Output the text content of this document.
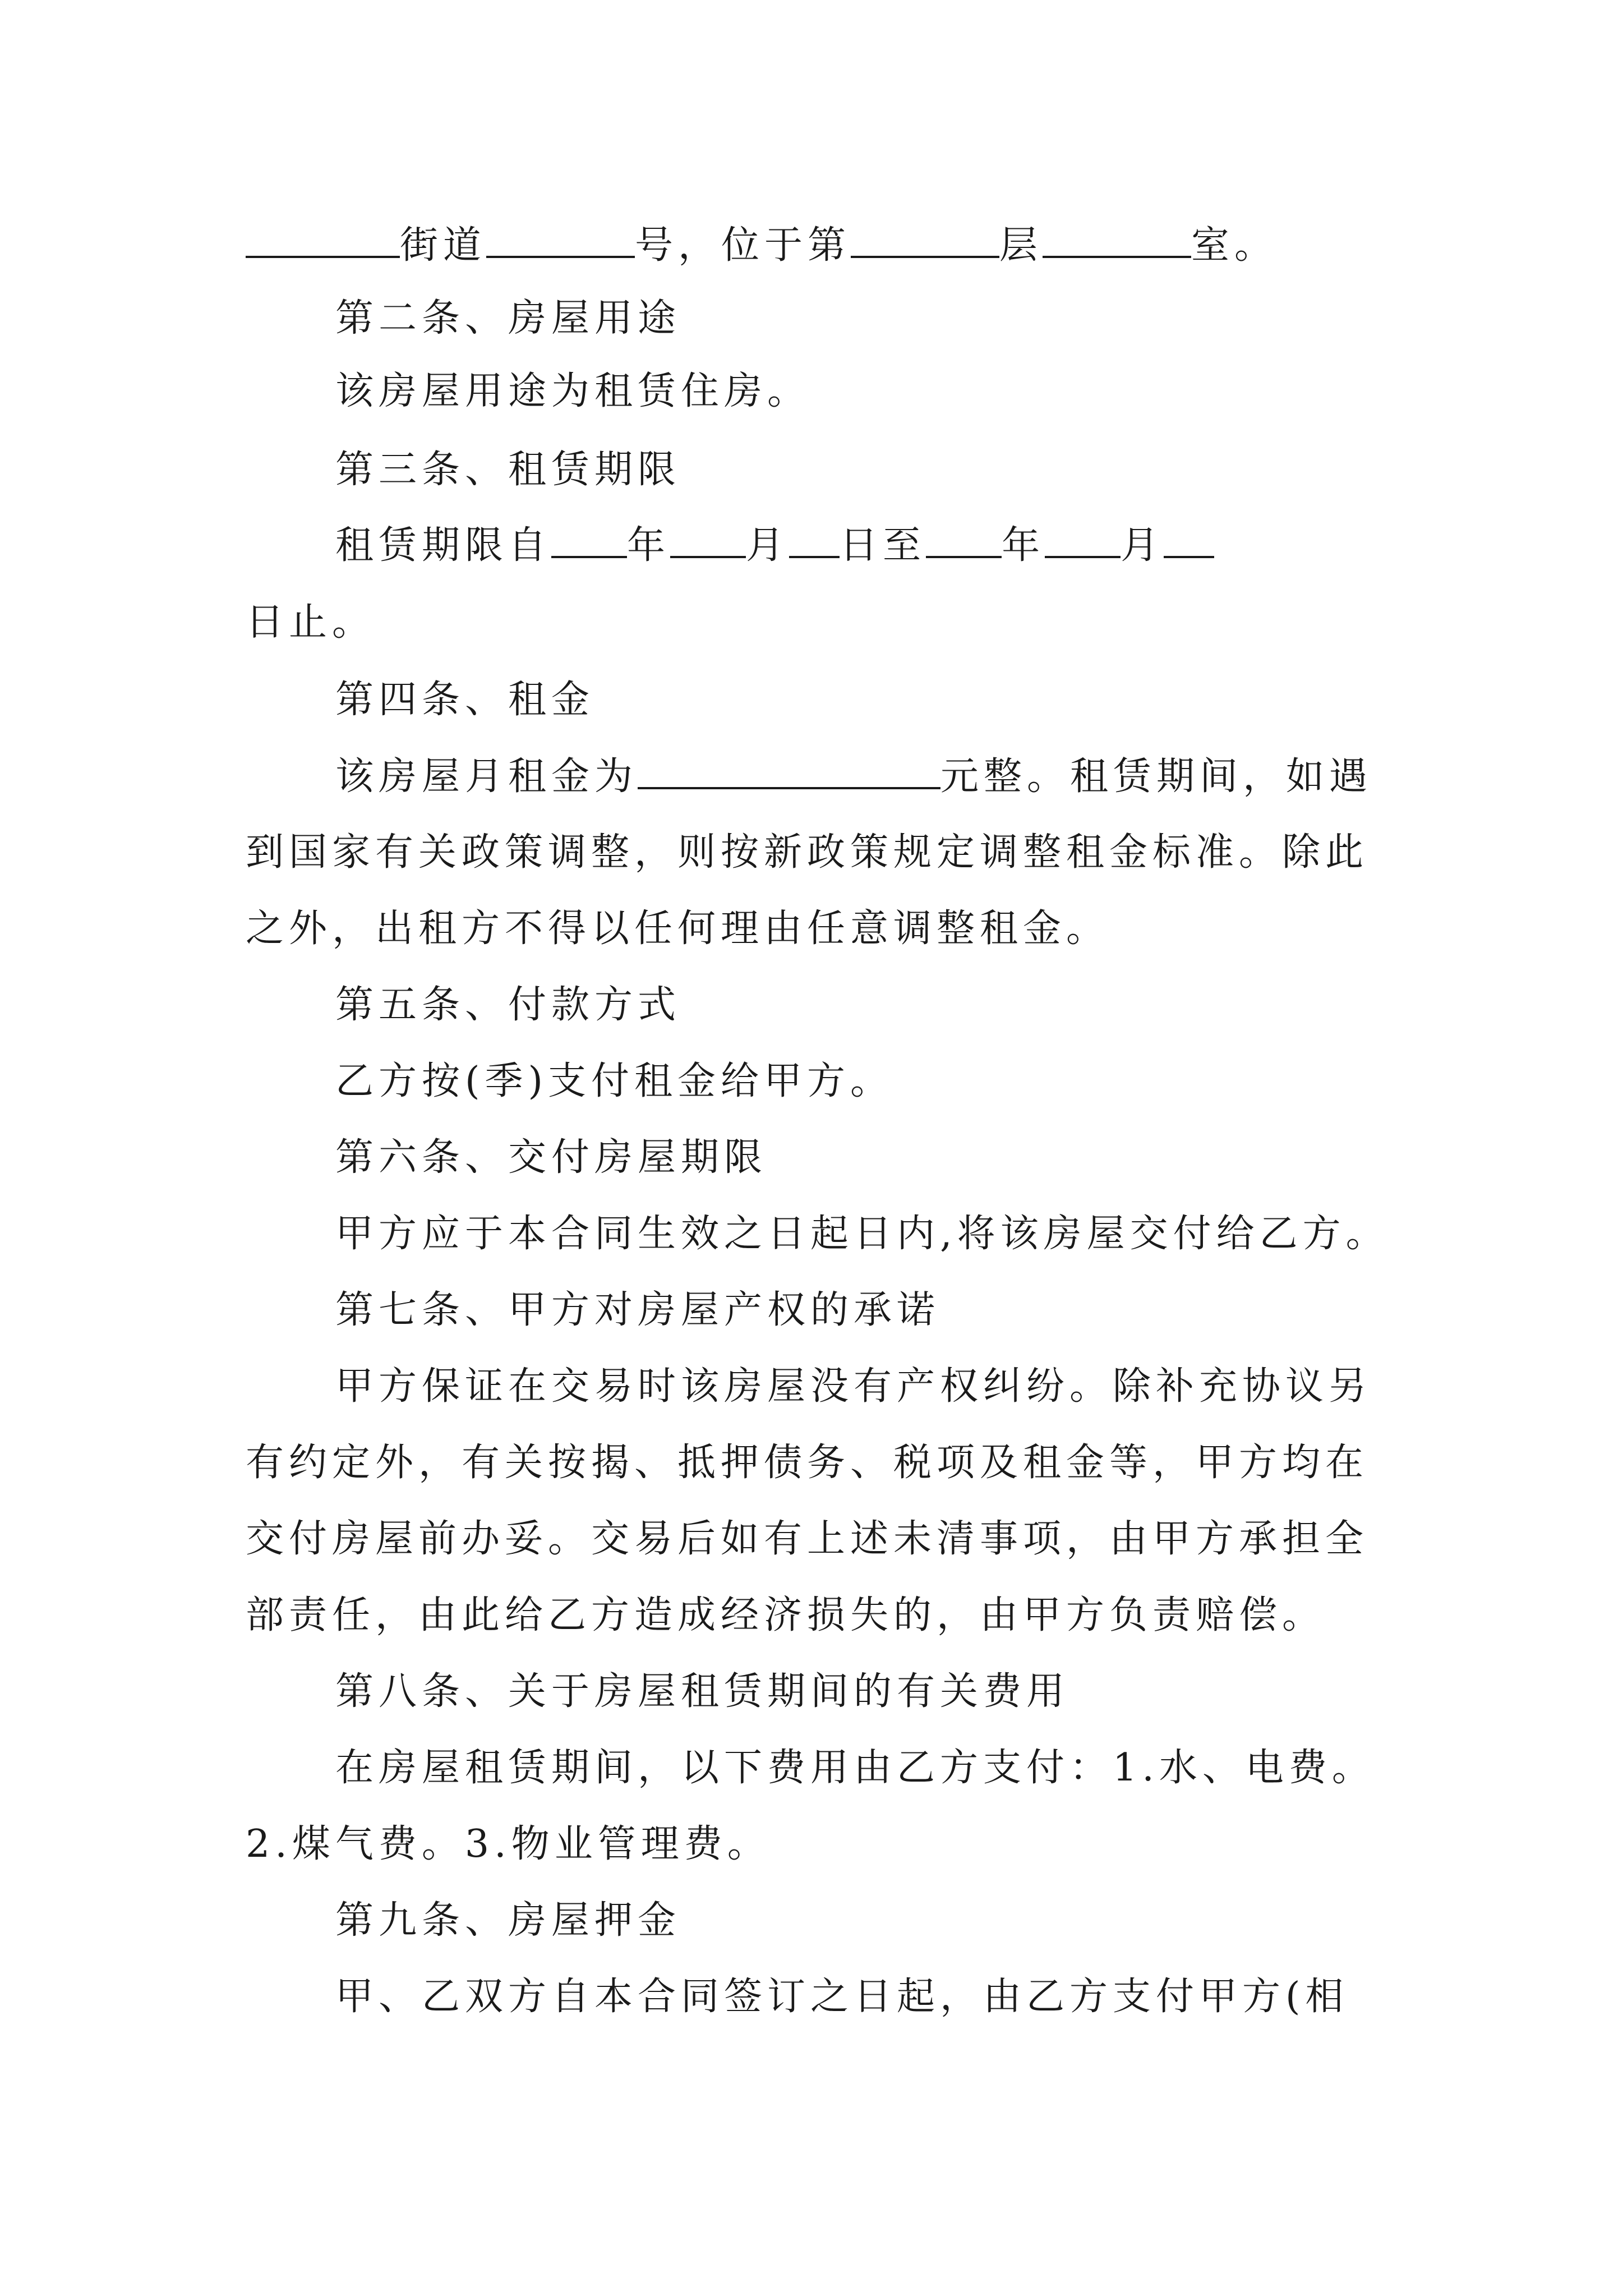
街道	号，位于第	层	室。
第二条、房屋用途
该房屋用途为租赁住房。
第三条、租赁期限
租赁期限自 年 月 日至 年 月
日止。
第四条、租金
该房屋月租金为	元整。租赁期间，如遇
到国家有关政策调整，则按新政策规定调整租金标准。除此
之外，出租方不得以任何理由任意调整租金。
第五条、付款方式
乙方按(季)支付租金给甲方。
第六条、交付房屋期限
甲方应于本合同生效之日起日内,将该房屋交付给乙方。
第七条、甲方对房屋产权的承诺
甲方保证在交易时该房屋没有产权纠纷。除补充协议另
有约定外，有关按揭、抵押债务、税项及租金等，甲方均在
交付房屋前办妥。交易后如有上述未清事项，由甲方承担全
部责任，由此给乙方造成经济损失的，由甲方负责赔偿。
第八条、关于房屋租赁期间的有关费用
在房屋租赁期间，以下费用由乙方支付：1.水、电费。
2.煤气费。3.物业管理费。
第九条、房屋押金
甲、乙双方自本合同签订之日起，由乙方支付甲方(相
